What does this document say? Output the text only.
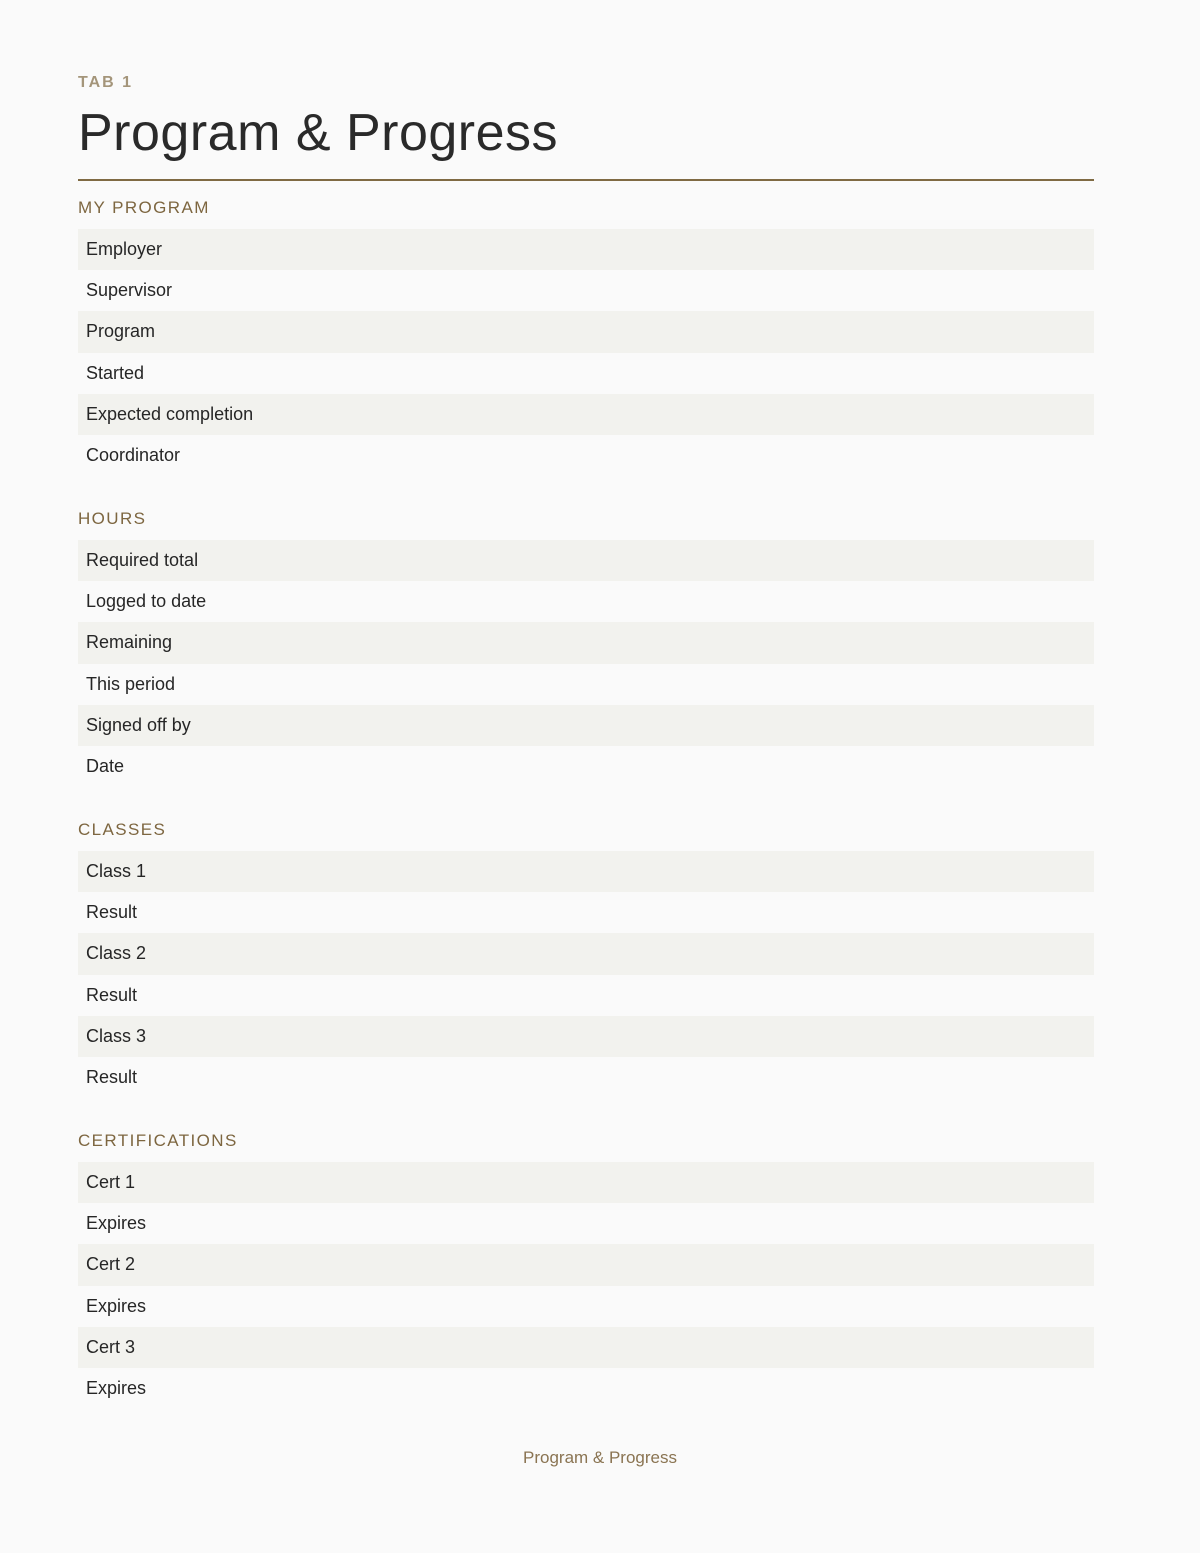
TAB 1
Program & Progress
MY PROGRAM
Employer
Supervisor
Program
Started
Expected completion
Coordinator
HOURS
Required total
Logged to date
Remaining
This period
Signed off by
Date
CLASSES
Class 1
Result
Class 2
Result
Class 3
Result
CERTIFICATIONS
Cert 1
Expires
Cert 2
Expires
Cert 3
Expires
Program & Progress
